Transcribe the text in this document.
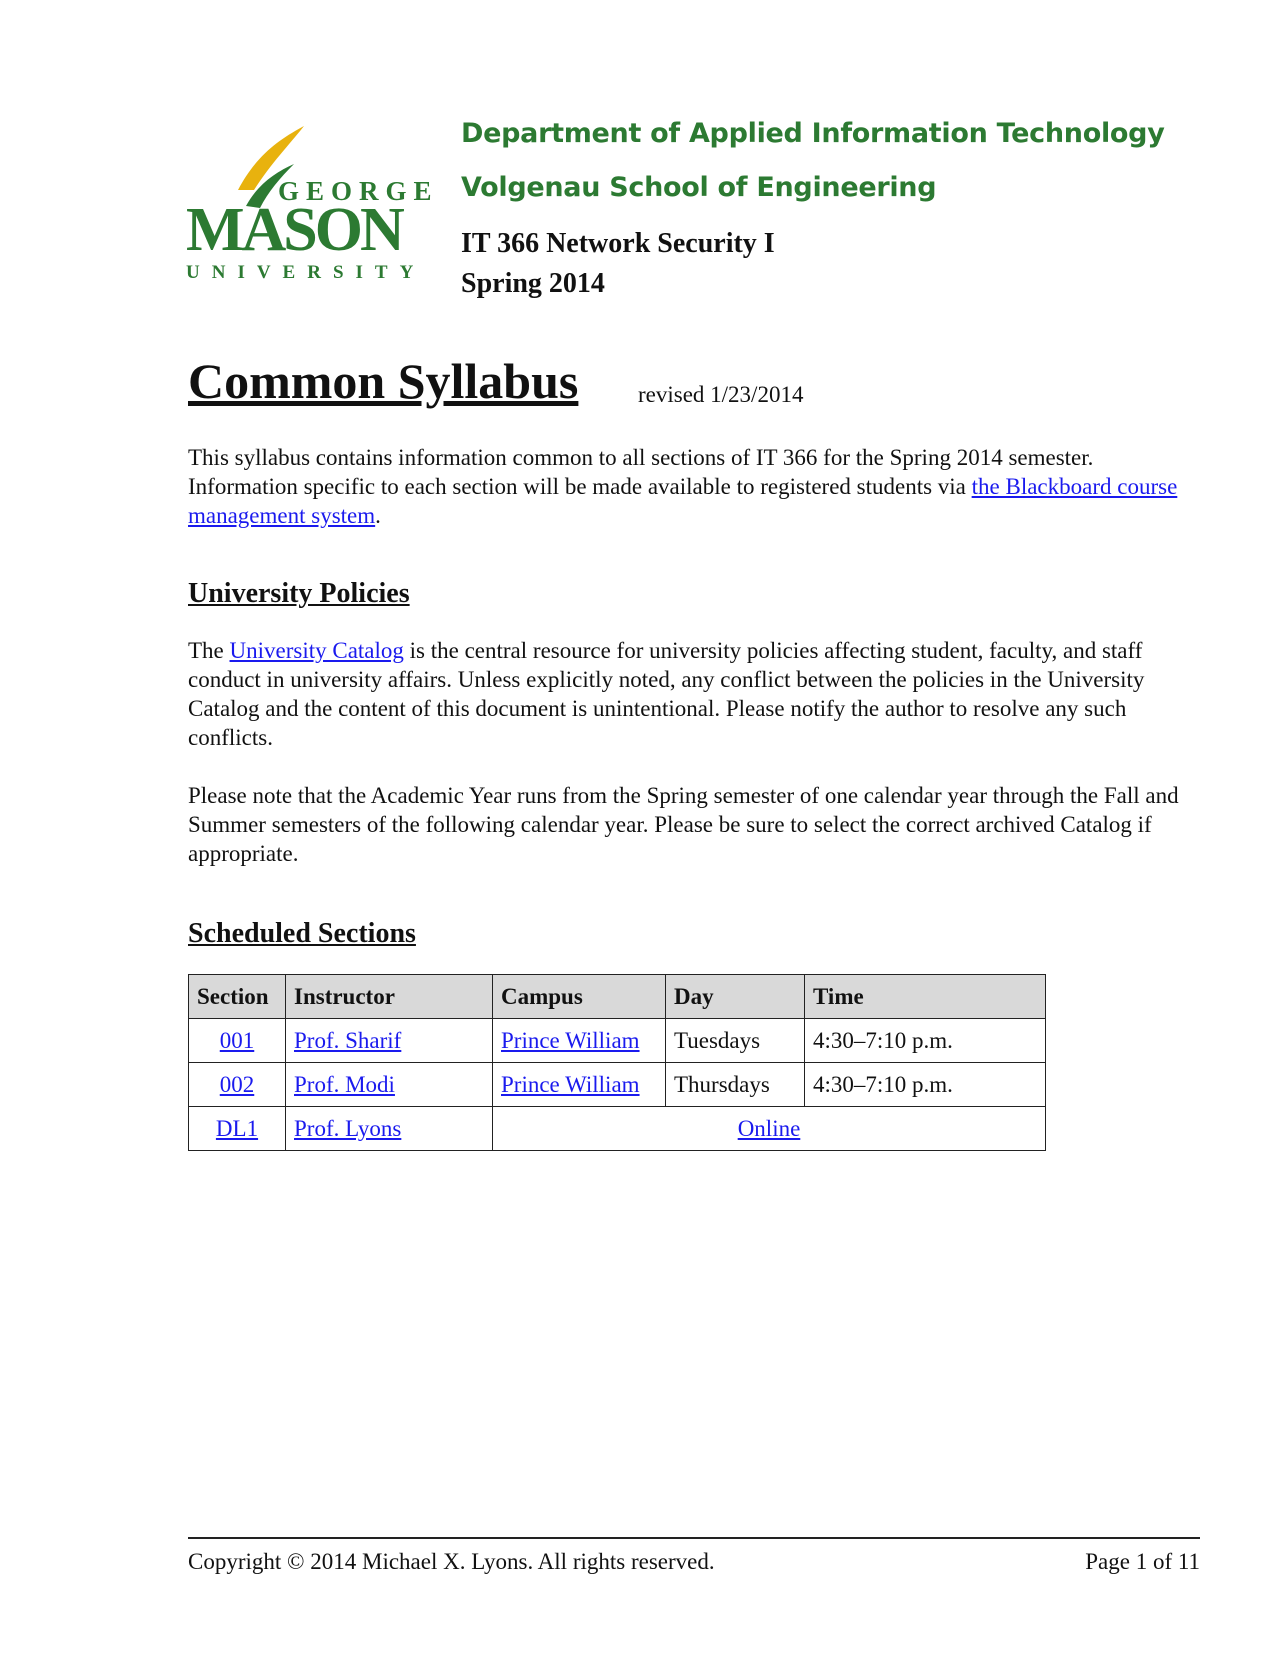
GEORGE
MASON
UNIVERSITY
Department of Applied Information Technology
Volgenau School of Engineering
IT 366 Network Security I
Spring 2014
Common Syllabus	revised 1/23/2014

This syllabus contains information common to all sections of IT 366 for the Spring 2014 semester. Information specific to each section will be made available to registered students via the Blackboard course management system.

University Policies

The University Catalog is the central resource for university policies affecting student, faculty, and staff conduct in university affairs. Unless explicitly noted, any conflict between the policies in the University Catalog and the content of this document is unintentional. Please notify the author to resolve any such conflicts.

Please note that the Academic Year runs from the Spring semester of one calendar year through the Fall and Summer semesters of the following calendar year. Please be sure to select the correct archived Catalog if appropriate.

Scheduled Sections
Section	Instructor	Campus	Day	Time
001	Prof. Sharif	Prince William	Tuesdays	4:30–7:10 p.m.
002	Prof. Modi	Prince William	Thursdays	4:30–7:10 p.m.
DL1	Prof. Lyons	Online		
Copyright © 2014 Michael X. Lyons. All rights reserved.	Page 1 of 11
